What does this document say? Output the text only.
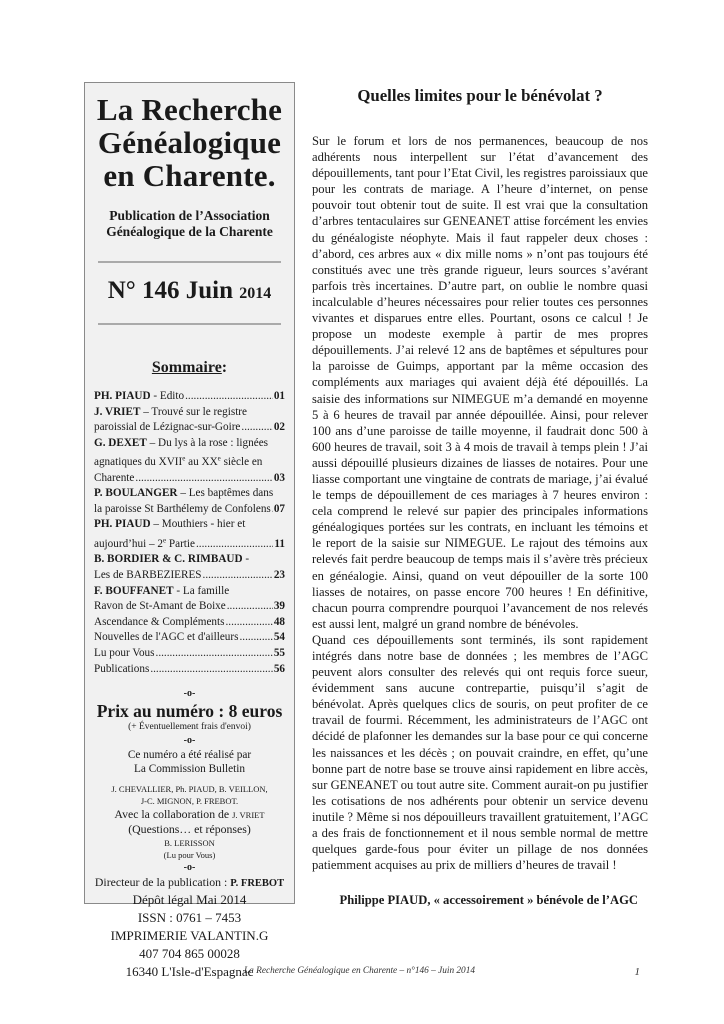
La Recherche
Généalogique
en Charente.
Publication de l’Association
Généalogique de la Charente
N° 146 Juin 2014
Sommaire:
PH. PIAUD - Edito .....	01
J. VRIET – Trouvé sur le registre
paroissial de Lézignac-sur-Goire .....	02
G. DEXET – Du lys à la rose : lignées
agnatiques du XVIIe au XXe siècle en
Charente .....	03
P. BOULANGER – Les baptêmes dans
la paroisse St Barthélemy de Confolens ..... 07
PH. PIAUD – Mouthiers - hier et
aujourd’hui – 2e Partie .....	11
B. BORDIER & C. RIMBAUD -
Les de BARBEZIERES .....	23
F. BOUFFANET - La famille
Ravon de St-Amant de Boixe .....	39
Ascendance & Compléments .....	48
Nouvelles de l'AGC et d'ailleurs .....	54
Lu pour Vous .....	55
Publications .....	56
-o-
Prix au numéro : 8 euros
(+ Éventuellement frais d'envoi)
-o-
Ce numéro a été réalisé par
La Commission Bulletin
J. CHEVALLIER, Ph. PIAUD, B. VEILLON,
J-C. MIGNON, P. FREBOT.
Avec la collaboration de J. VRIET
(Questions… et réponses)
B. LERISSON
(Lu pour Vous)
-o-
Directeur de la publication : P. FREBOT
Dépôt légal Mai 2014
ISSN : 0761 – 7453
IMPRIMERIE VALANTIN.G
407 704 865 00028
16340 L'Isle-d'Espagnac
Quelles limites pour le bénévolat ?

Sur le forum et lors de nos permanences, beaucoup de nos adhérents nous interpellent sur l’état d’avancement des dépouillements, tant pour l’Etat Civil, les registres paroissiaux que pour les contrats de mariage. A l’heure d’internet, on pense pouvoir tout obtenir tout de suite. Il est vrai que la consultation d’arbres tentaculaires sur GENEANET attise forcément les envies du généalogiste néophyte. Mais il faut rappeler deux choses : d’abord, ces arbres aux « dix mille noms » n’ont pas toujours été constitués avec une très grande rigueur, leurs sources s’avérant parfois très incertaines. D’autre part, on oublie le nombre quasi incalculable d’heures nécessaires pour relier toutes ces personnes vivantes et disparues entre elles. Pourtant, osons ce calcul ! Je propose un modeste exemple à partir de mes propres dépouillements. J’ai relevé 12 ans de baptêmes et sépultures pour la paroisse de Guimps, apportant par la même occasion des compléments aux mariages qui avaient déjà été dépouillés. La saisie des informations sur NIMEGUE m’a demandé en moyenne 5 à 6 heures de travail par année dépouillée. Ainsi, pour relever 100 ans d’une paroisse de taille moyenne, il faudrait donc 500 à 600 heures de travail, soit 3 à 4 mois de travail à temps plein ! J’ai aussi dépouillé plusieurs dizaines de liasses de notaires. Pour une liasse comportant une vingtaine de contrats de mariage, j’ai évalué le temps de dépouillement de ces mariages à 7 heures environ : cela comprend le relevé sur papier des principales informations généalogiques portées sur les contrats, en incluant les témoins et le report de la saisie sur NIMEGUE. Le rajout des témoins aux relevés fait perdre beaucoup de temps mais il s’avère très précieux en généalogie. Ainsi, quand on veut dépouiller de la sorte 100 liasses de notaires, on passe encore 700 heures ! En définitive, chacun pourra comprendre pourquoi l’avancement de nos relevés est aussi lent, malgré un grand nombre de bénévoles.

Quand ces dépouillements sont terminés, ils sont rapidement intégrés dans notre base de données ; les membres de l’AGC peuvent alors consulter des relevés qui ont requis force sueur, évidemment sans aucune contrepartie, puisqu’il s’agit de bénévolat. Après quelques clics de souris, on peut profiter de ce travail de fourmi. Récemment, les administrateurs de l’AGC ont décidé de plafonner les demandes sur la base pour ce qui concerne les naissances et les décès ; on pouvait craindre, en effet, qu’une bonne part de notre base se trouve ainsi rapidement en libre accès, sur GENEANET ou tout autre site. Comment aurait-on pu justifier les cotisations de nos adhérents pour obtenir un service devenu inutile ? Même si nos dépouilleurs travaillent gratuitement, l’AGC a des frais de fonctionnement et il nous semble normal de mettre quelques garde-fous pour éviter un pillage de nos données patiemment acquises au prix de milliers d’heures de travail !

Philippe PIAUD, « accessoirement » bénévole de l’AGC
La Recherche Généalogique en Charente – n°146 – Juin 2014	1
